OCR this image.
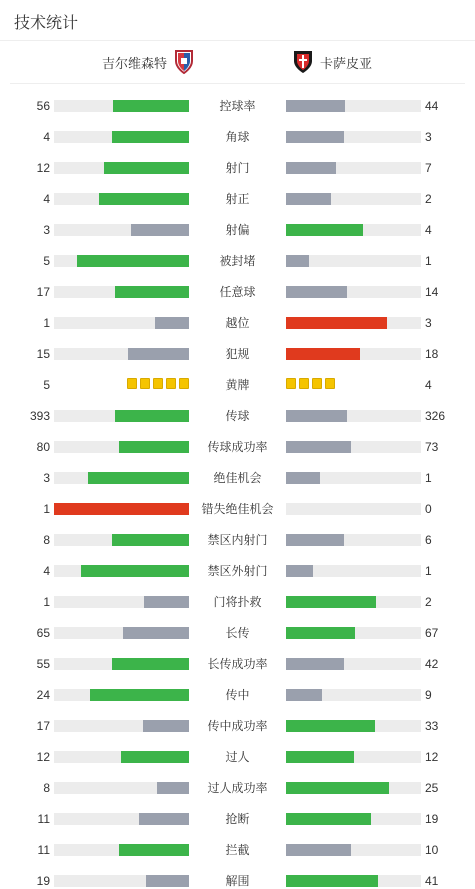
技术统计
吉尔维森特	卡萨皮亚
56	控球率	44
4	角球	3
12	射门	7
4	射正	2
3	射偏	4
5	被封堵	1
17	任意球	14
1	越位	3
15	犯规	18
5	黄牌	4
393	传球	326
80	传球成功率	73
3	绝佳机会	1
1	错失绝佳机会	0
8	禁区内射门	6
4	禁区外射门	1
1	门将扑救	2
65	长传	67
55	长传成功率	42
24	传中	9
17	传中成功率	33
12	过人	12
8	过人成功率	25
11	抢断	19
11	拦截	10
19	解围	41
